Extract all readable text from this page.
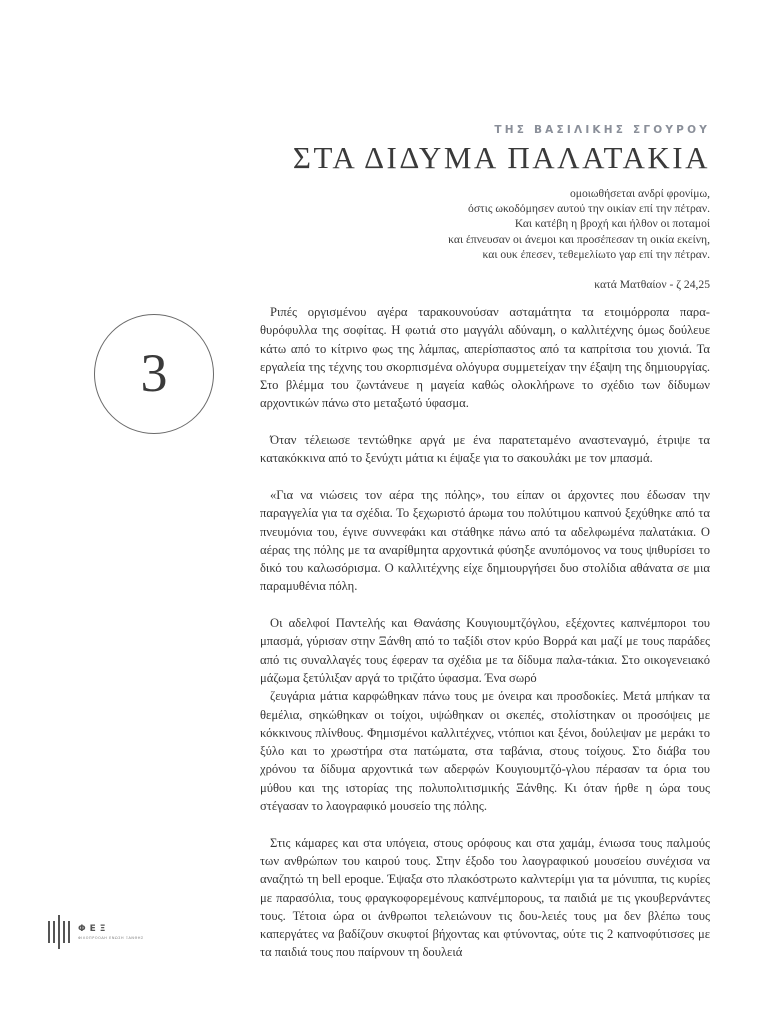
ΤΗΣ ΒΑΣΙΛΙΚΗΣ ΣΓΟΥΡΟΥ
ΣΤΑ ΔΙΔΥΜΑ ΠΑΛΑΤΑΚΙΑ
ομοιωθήσεται ανδρί φρονίμω,
όστις ωκοδόμησεν αυτού την οικίαν επί την πέτραν.
Και κατέβη η βροχή και ήλθον οι ποταμοί
και έπνευσαν οι άνεμοι και προσέπεσαν τη οικία εκείνη,
και ουκ έπεσεν, τεθεμελίωτο γαρ επί την πέτραν.
κατά Ματθαίον - ζ 24,25
3

Ριπές οργισμένου αγέρα ταρακουνούσαν ασταμάτητα τα ετοιμόρροπα παρα-θυρόφυλλα της σοφίτας. Η φωτιά στο μαγγάλι αδύναμη, ο καλλιτέχνης όμως δούλευε κάτω από το κίτρινο φως της λάμπας, απερίσπαστος από τα καπρίτσια του χιονιά. Τα εργαλεία της τέχνης του σκορπισμένα ολόγυρα συμμετείχαν την έξαψη της δημιουργίας. Στο βλέμμα του ζωντάνευε η μαγεία καθώς ολοκλήρωνε το σχέδιο των δίδυμων αρχοντικών πάνω στο μεταξωτό ύφασμα.

Όταν τέλειωσε τεντώθηκε αργά με ένα παρατεταμένο αναστεναγμό, έτριψε τα κατακόκκινα από το ξενύχτι μάτια κι έψαξε για το σακουλάκι με τον μπασμά.

«Για να νιώσεις τον αέρα της πόλης», του είπαν οι άρχοντες που έδωσαν την παραγγελία για τα σχέδια. Το ξεχωριστό άρωμα του πολύτιμου καπνού ξεχύθηκε από τα πνευμόνια του, έγινε συννεφάκι και στάθηκε πάνω από τα αδελφωμένα παλατάκια. Ο αέρας της πόλης με τα αναρίθμητα αρχοντικά φύσηξε ανυπόμονος να τους ψιθυρίσει το δικό του καλωσόρισμα. Ο καλλιτέχνης είχε δημιουργήσει δυο στολίδια αθάνατα σε μια παραμυθένια πόλη.

Οι αδελφοί Παντελής και Θανάσης Κουγιουμτζόγλου, εξέχοντες καπνέμποροι του μπασμά, γύρισαν στην Ξάνθη από το ταξίδι στον κρύο Βορρά και μαζί με τους παράδες από τις συναλλαγές τους έφεραν τα σχέδια με τα δίδυμα παλα-τάκια. Στο οικογενειακό μάζωμα ξετύλιξαν αργά το τριζάτο ύφασμα. Ένα σωρό

ζευγάρια μάτια καρφώθηκαν πάνω τους με όνειρα και προσδοκίες. Μετά μπήκαν τα θεμέλια, σηκώθηκαν οι τοίχοι, υψώθηκαν οι σκεπές, στολίστηκαν οι προσόψεις με κόκκινους πλίνθους. Φημισμένοι καλλιτέχνες, ντόπιοι και ξένοι, δούλεψαν με μεράκι το ξύλο και το χρωστήρα στα πατώματα, στα ταβάνια, στους τοίχους. Στο διάβα του χρόνου τα δίδυμα αρχοντικά των αδερφών Κουγιουμτζό-γλου πέρασαν τα όρια του μύθου και της ιστορίας της πολυπολιτισμικής Ξάνθης. Κι όταν ήρθε η ώρα τους στέγασαν το λαογραφικό μουσείο της πόλης.

Στις κάμαρες και στα υπόγεια, στους ορόφους και στα χαμάμ, ένιωσα τους παλμούς των ανθρώπων του καιρού τους. Στην έξοδο του λαογραφικού μουσείου συνέχισα να αναζητώ τη bell epoque. Έψαξα στο πλακόστρωτο καλντερίμι για τα μόνιππα, τις κυρίες με παρασόλια, τους φραγκοφορεμένους καπνέμπορους, τα παιδιά με τις γκουβερνάντες τους. Τέτοια ώρα οι άνθρωποι τελειώνουν τις δου-λειές τους μα δεν βλέπω τους καπεργάτες να βαδίζουν σκυφτοί βήχοντας και φτύνοντας, ούτε τις 2 καπνοφύτισσες με τα παιδιά τους που παίρνουν τη δουλειά

ΦΕΞ
ΦΙΛΟΠΡΟΟΔΗ ΕΝΩΣΗ ΞΑΝΘΗΣ
